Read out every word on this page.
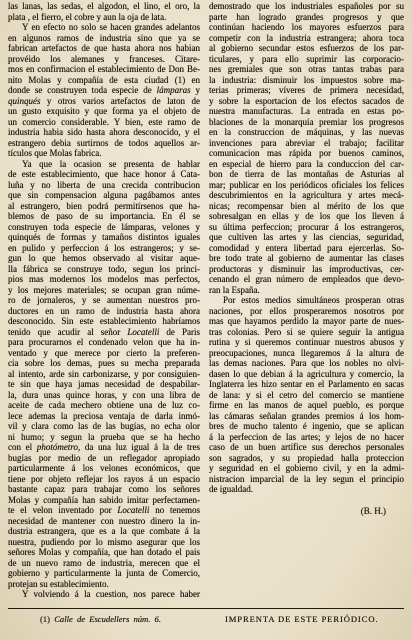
las lanas, las sedas, el algodon, el lino, el oro, la
plata , el fierro, el cobre y aun la oja de lata.
Y en efecto no solo se hacen grandes adelantos
en algunos ramos de industria sino que ya se
fabrican artefactos de que hasta ahora nos habian
provéido los alemanes y franceses. Citare-
mos en confirmacion el establecimiento de Don Be-
nito Molas y compañía de esta ciudad (1) en
donde se construyen toda especie de lámparas y
quinqués y otros varios artefactos de laton de
un gusto exquisito y que forma ya el objeto de
un comercio considerable. Y bien, este ramo de
industria habia sido hasta ahora desconocido, y el
estrangero debia surtirnos de todos aquellos ar-
tículos que Molas fabrica.
Ya que la ocasion se presenta de hablar
de este establecimiento, que hace honor á Cata-
luña y no liberta de una crecida contribucion
que sin compensacion alguna pagábamos antes
al estrangero, bien podrá permitírsenos que ha-
blemos de paso de su importancia. En él se
construyen toda especie de lámparas, velones y
quinqués de formas y tamaños distintos iguales
en pulido y perfeccion á los estrangeros; y se-
gun lo que hemos observado al visitar aque-
lla fábrica se construye todo, segun los princi-
pios mas modernos los modelos mas perfectos,
y los mejores materiales; se ocupan gran núme-
ro de jornaleros, y se aumentan nuestros pro-
ductores en un ramo de industria hasta ahora
desconocido. Sin este establecimiento habríamos
tenido que acudir al señor Locatelli de Paris
para procurarnos el condenado velon que ha in-
ventado y que merece por cierto la preferen-
cia sobre los demas, pues su mecha preparada
al intento, arde sin carbonizarse, y por consiguien-
te sin que haya jamas necesidad de despabilar-
la, dura unas quince horas, y con una libra de
aceite de cada mechero obtiene una de luz co-
lece ademas la preciosa ventaja de darla inmó-
vil y clara como las de las bugías, no echa olor
ni humo; y segun la prueba que se ha hecho
con el photómetro, da una luz igual á la de tres
bugías por medio de un reflegador apropiado
particularmente á los velones económicos, que
tiene por objeto reflejar los rayos á un espacio
bastante capaz para trabajar como los señores
Molas y compañía han sabido imitar perfectamen-
te el velon inventado por Locatelli no tenemos
necesidad de mantener con nuestro dinero la in-
dustria estrangera, que es a la que combate á la
nuestra, pudiendo por lo mismo asegurar que los
señores Molas y compañía, que han dotado el pais
de un nuevo ramo de industria, merecen que el
gobierno y particularmente la junta de Comercio,
protejan su establecimiento.
Y volviendo á la cuestion, nos parece haber
demostrado que los industriales españoles por su
parte han logrado grandes progresos y que
continúan haciendo los mayores esfuerzos para
competir con la industria estrangera; ahora toca
al gobierno secundar estos esfuerzos de los par-
ticulares, y para ello suprimir las corporacio-
nes gremiales que son otras tantas trabas para
la industria: disminuir los impuestos sobre ma-
terias primeras; víveres de primera necesidad,
y sobre la esportacion de los efectos sacados de
nuestra manufacturas. La entrada en estas po-
blaciones de la monarquía premiar los progresos
en la construccion de máquinas, y las nuevas
invenciones para abreviar el trabajo; facilitar
comunicacion mas rápida por buenos caminos,
en especial de hierro para la conduccion del car-
bon de tierra de las montañas de Asturias al
mar; publicar en los periódicos oficiales los felices
descubrimientos en la agricultura y artes mecá-
nicas; recompensar bien al mérito de los que
sobresalgan en ellas y de los que los lleven á
su última perfeccion; procurar á los estrangeros,
que cultiven las artes y las ciencias, seguridad,
comodidad y entera libertad para ejercerlas. So-
bre todo trate al gobierno de aumentar las clases
productoras y disminuir las improductivas, cer-
cenando el gran número de empleados que devo-
ran la España.
Por estos medios simultáneos prosperan otras
naciones, por ellos prosperaremos nosotros por
mas que hayamos perdido la mayor parte de nues-
tras colonias. Pero si se quiere seguir la antigua
rutina y si queremos continuar nuestros abusos y
preocupaciones, nunca llegaremos á la altura de
las demas naciones. Para que los nobles no olvi-
dasen lo que debian á la agricultura y comercio, la
Inglaterra les hizo sentar en el Parlamento en sacas
de lana: y si el cetro del comercio se mantiene
firme en las manos de aquel pueblo, es porque
las cámaras señalan grandes premios á los hom-
bres de mucho talento é ingenio, que se aplican
á la perfeccion de las artes; y lejos de no hacer
caso de un buen artífice sus derechos personales
son sagrados, y su propiedad halla proteccion
y seguridad en el gobierno civil, y en la admi-
nistracion imparcial de la ley segun el principio
de igualdad.
(B. H.)
(1) Calle de Escudellers núm. 6.	IMPRENTA DE ESTE PERIÓDICO.
